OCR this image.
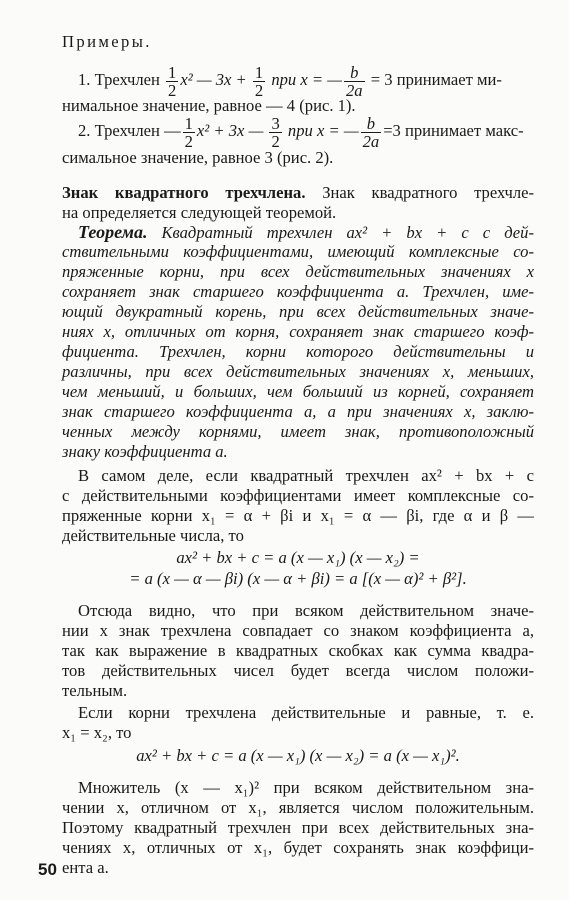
Примеры.
1. Трехчлен $\frac{1}{2} x^2$ — $3x + \frac{1}{2}$ при x = — $\frac{b}{2a} = 3$ принимает ми-
нимальное значение, равное — 4 (рис. 1).
2. Трехчлен — $\frac{1}{2} x^2 + 3x$ — $\frac{3}{2}$ при x = — $\frac{b}{2a} =3$ принимает макс-
симальное значение, равное 3 (рис. 2).
Знак квадратного трехчлена. Знак квадратного трехчле-
на определяется следующей теоремой.
Теорема. Квадратный трехчлен ax² + bx + c с дей-
ствительными коэффициентами, имеющий комплексные со-
пряженные корни, при всех действительных значениях x
сохраняет знак старшего коэффициента a. Трехчлен, име-
ющий двукратный корень, при всех действительных значе-
ниях x, отличных от корня, сохраняет знак старшего коэф-
фициента. Трехчлен, корни которого действительны и
различны, при всех действительных значениях x, меньших,
чем меньший, и больших, чем больший из корней, сохраняет
знак старшего коэффициента a, а при значениях x, заклю-
ченных между корнями, имеет знак, противоположный
знаку коэффициента a.
В самом деле, если квадратный трехчлен ax² + bx + c
с действительными коэффициентами имеет комплексные со-
пряженные корни x₁ = α + βi и x₁ = α — βi, где α и β —
действительные числа, то
ax² + bx + c = a (x — x₁) (x — x₂) =
= a (x — α — βi) (x — α + βi) = a [(x — α)² + β²].
Отсюда видно, что при всяком действительном значе-
нии x знак трехчлена совпадает со знаком коэффициента a,
так как выражение в квадратных скобках как сумма квадра-
тов действительных чисел будет всегда числом положи-
тельным.
Если корни трехчлена действительные и равные, т. е.
x₁ = x₂, то
ax² + bx + c = a (x — x₁) (x — x₂) = a (x — x₁)².
Множитель (x — x₁)² при всяком действительном зна-
чении x, отличном от x₁, является числом положительным.
Поэтому квадратный трехчлен при всех действительных зна-
чениях x, отличных от x₁, будет сохранять знак коэффици-
ента a.
50
